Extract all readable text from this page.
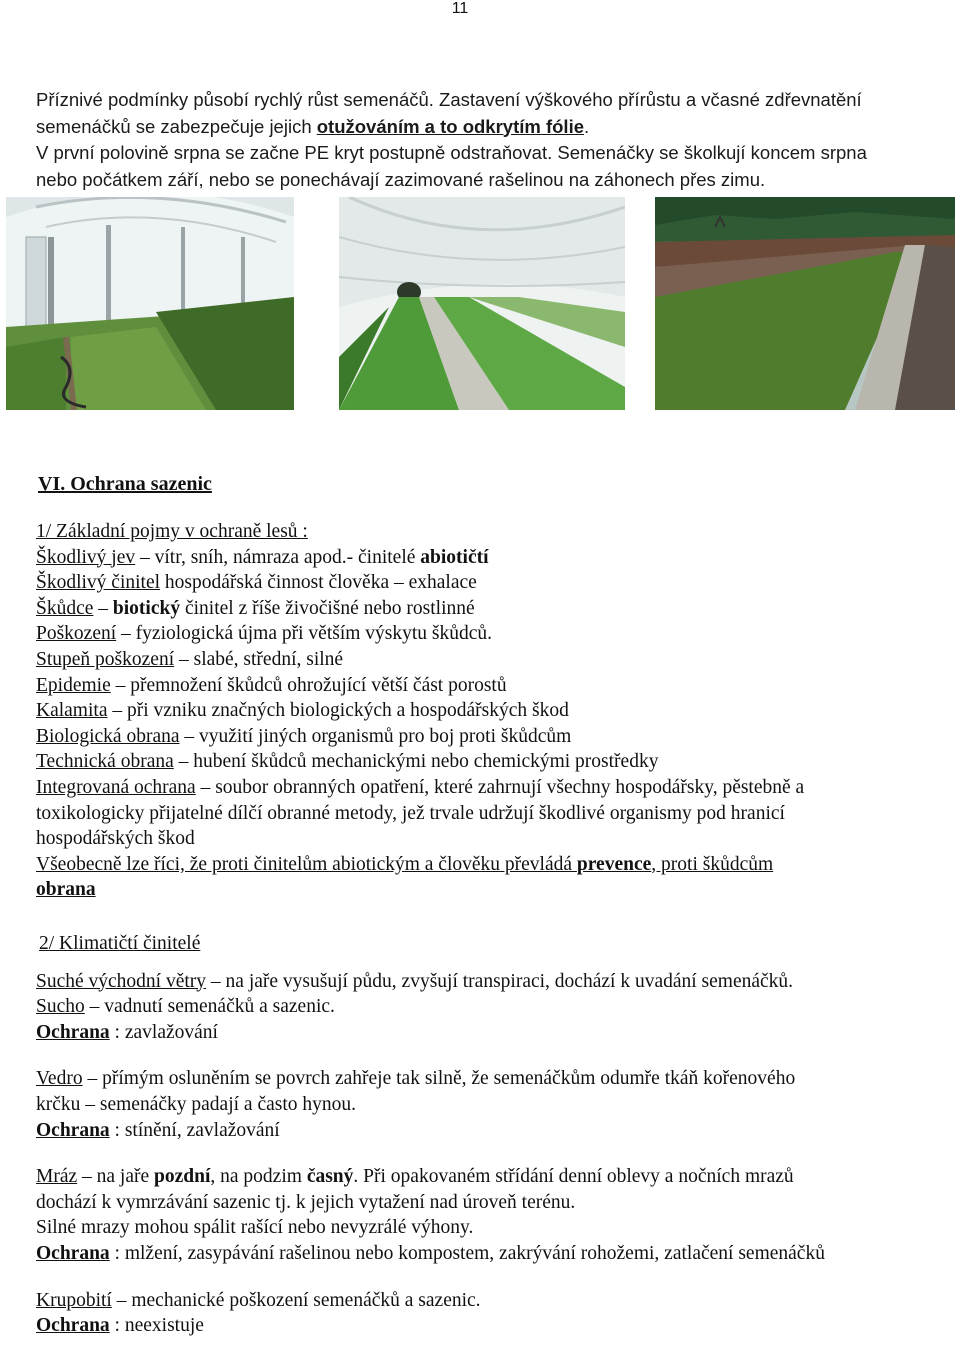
11
Příznivé podmínky působí rychlý růst semenáčů. Zastavení výškového přírůstu a včasné zdřevnatění
semenáčků se zabezpečuje jejich otužováním a to odkrytím fólie.
V první polovině srpna se začne PE kryt postupně odstraňovat. Semenáčky se školkují koncem srpna
nebo počátkem září, nebo se ponechávají zazimované rašelinou na záhonech přes zimu.
VI. Ochrana sazenic
1/ Základní pojmy v ochraně lesů :
Škodlivý jev – vítr, sníh, námraza apod.- činitelé abiotičtí
Škodlivý činitel hospodářská činnost člověka – exhalace
Škůdce – biotický činitel z říše živočišné nebo rostlinné
Poškození – fyziologická újma při větším výskytu škůdců.
Stupeň poškození – slabé, střední, silné
Epidemie – přemnožení škůdců ohrožující větší část porostů
Kalamita – při vzniku značných biologických a hospodářských škod
Biologická obrana – využití jiných organismů pro boj proti škůdcům
Technická obrana – hubení škůdců mechanickými nebo chemickými prostředky
Integrovaná ochrana – soubor obranných opatření, které zahrnují všechny hospodářsky, pěstebně a
toxikologicky přijatelné dílčí obranné metody, jež trvale udržují škodlivé organismy pod hranicí
hospodářských škod
Všeobecně lze říci, že proti činitelům abiotickým a člověku převládá prevence, proti škůdcům
obrana
2/ Klimatičtí činitelé
Suché východní větry – na jaře vysušují půdu, zvyšují transpiraci, dochází k uvadání semenáčků.
Sucho – vadnutí semenáčků a sazenic.
Ochrana : zavlažování
Vedro – přímým osluněním se povrch zahřeje tak silně, že semenáčkům odumře tkáň kořenového
krčku – semenáčky padají a často hynou.
Ochrana : stínění, zavlažování
Mráz – na jaře pozdní, na podzim časný. Při opakovaném střídání denní oblevy a nočních mrazů
dochází k vymrzávání sazenic tj. k jejich vytažení nad úroveň terénu.
Silné mrazy mohou spálit rašící nebo nevyzrálé výhony.
Ochrana : mlžení, zasypávání rašelinou nebo kompostem, zakrývání rohožemi, zatlačení semenáčků
Krupobití – mechanické poškození semenáčků a sazenic.
Ochrana : neexistuje
